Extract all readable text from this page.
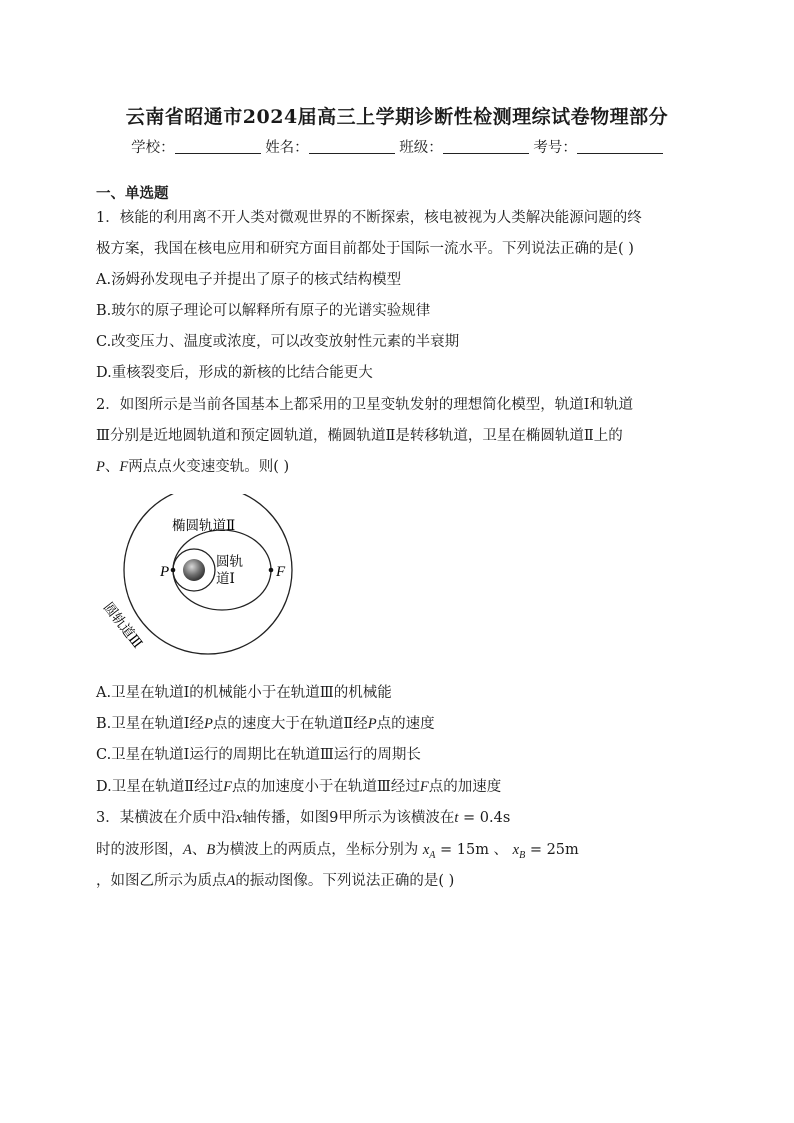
云南省昭通市2024届高三上学期诊断性检测理综试卷物理部分
学校：	姓名：	班级：	考号：
一、单选题
1．核能的利用离不开人类对微观世界的不断探索，核电被视为人类解决能源问题的终
极方案，我国在核电应用和研究方面目前都处于国际一流水平。下列说法正确的是( )
A.汤姆孙发现电子并提出了原子的核式结构模型
B.玻尔的原子理论可以解释所有原子的光谱实验规律
C.改变压力、温度或浓度，可以改变放射性元素的半衰期
D.重核裂变后，形成的新核的比结合能更大
2．如图所示是当前各国基本上都采用的卫星变轨发射的理想简化模型，轨道Ⅰ和轨道
Ⅲ分别是近地圆轨道和预定圆轨道，椭圆轨道Ⅱ是转移轨道，卫星在椭圆轨道Ⅱ上的
P、F两点点火变速变轨。则( )
P	F
椭圆轨道Ⅱ
圆轨
道Ⅰ
圆轨道Ⅲ
A.卫星在轨道Ⅰ的机械能小于在轨道Ⅲ的机械能
B.卫星在轨道Ⅰ经P点的速度大于在轨道Ⅱ经P点的速度
C.卫星在轨道Ⅰ运行的周期比在轨道Ⅲ运行的周期长
D.卫星在轨道Ⅱ经过F点的加速度小于在轨道Ⅲ经过F点的加速度
3．某横波在介质中沿x轴传播，如图9甲所示为该横波在t = 0.4s
时的波形图，A、B为横波上的两质点，坐标分别为 $x_A = 15m$ 、 $x_B = 25m$
，如图乙所示为质点A的振动图像。下列说法正确的是( )
